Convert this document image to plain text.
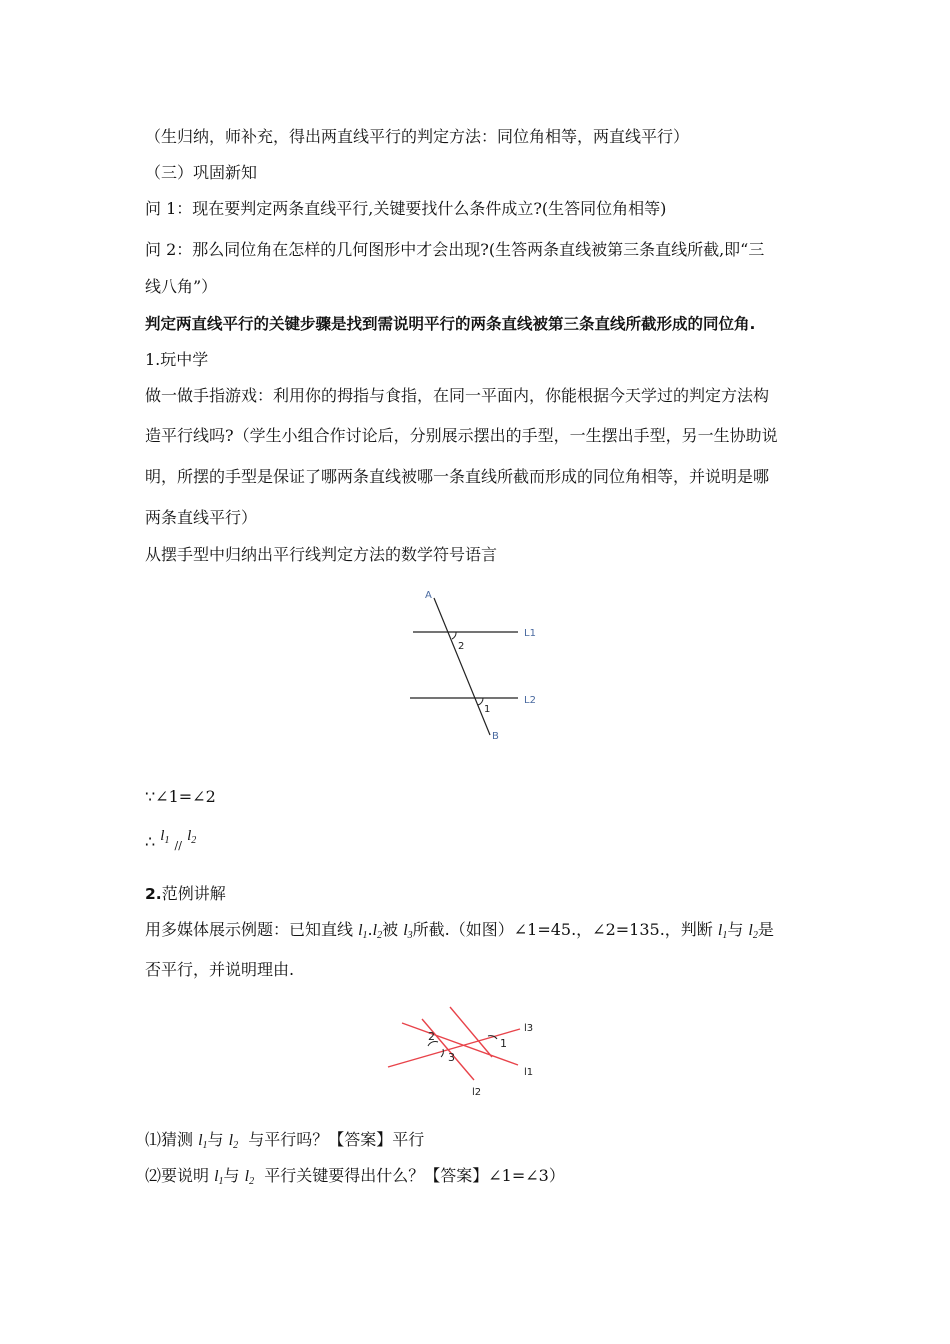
（生归纳，师补充，得出两直线平行的判定方法：同位角相等，两直线平行）
（三）巩固新知
问 1：现在要判定两条直线平行,关键要找什么条件成立?(生答同位角相等)
问 2：那么同位角在怎样的几何图形中才会出现?(生答两条直线被第三条直线所截,即“三
线八角”）
判定两直线平行的关键步骤是找到需说明平行的两条直线被第三条直线所截形成的同位角.
1.玩中学
做一做手指游戏：利用你的拇指与食指，在同一平面内，你能根据今天学过的判定方法构
造平行线吗?（学生小组合作讨论后，分别展示摆出的手型，一生摆出手型，另一生协助说
明，所摆的手型是保证了哪两条直线被哪一条直线所截而形成的同位角相等，并说明是哪
两条直线平行）
从摆手型中归纳出平行线判定方法的数学符号语言
A
B
L1
L2
2
1
∵∠1=∠2
∴ $l_1$ $_{//}$ $l_2$
2.范例讲解
用多媒体展示例题：已知直线 $l_1.l_2$被 $l_3$所截.（如图）∠1=45.，∠2=135.，判断 $l_1$与 $l_2$是
否平行，并说明理由.
2
3
1
l3
l1
l2
⑴猜测 $l_1$与 $l_2$  与平行吗？【答案】平行
⑵要说明 $l_1$与 $l_2$  平行关键要得出什么？【答案】∠1=∠3）
